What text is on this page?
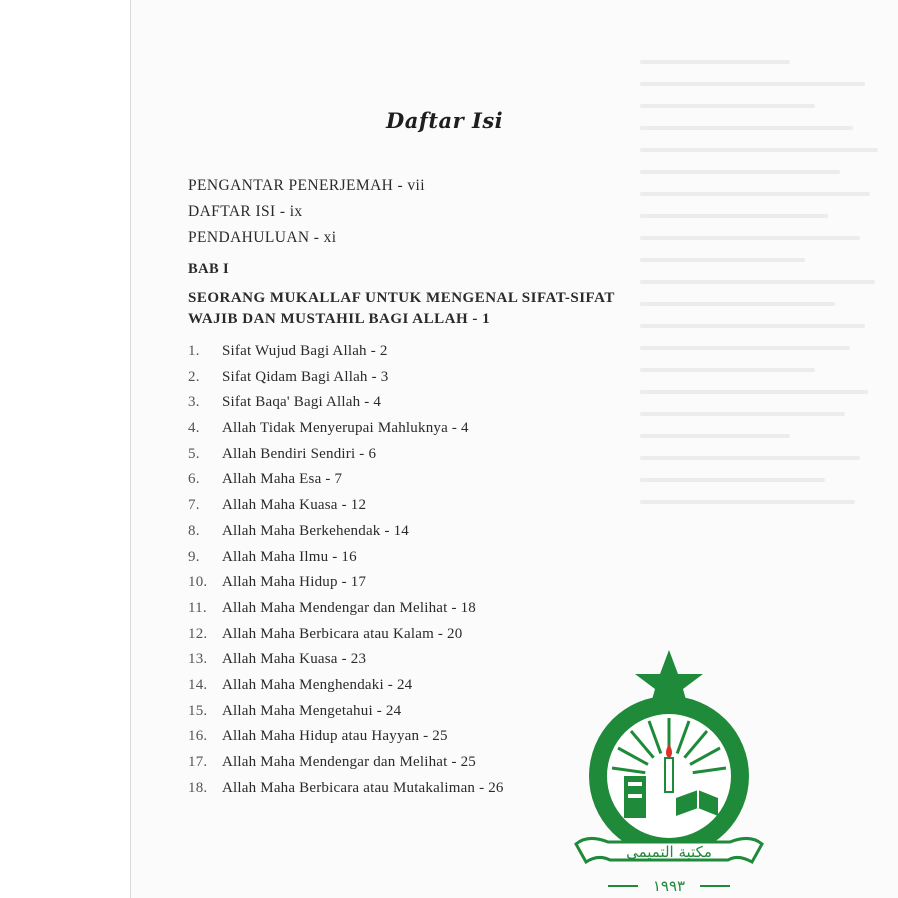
Daftar Isi
PENGANTAR PENERJEMAH - vii
DAFTAR ISI - ix
PENDAHULUAN - xi
BAB I
SEORANG MUKALLAF UNTUK MENGENAL SIFAT-SIFAT
WAJIB DAN MUSTAHIL BAGI ALLAH - 1
1.	Sifat Wujud Bagi Allah - 2
2.	Sifat Qidam Bagi Allah - 3
3.	Sifat Baqa' Bagi Allah - 4
4.	Allah Tidak Menyerupai Mahluknya - 4
5.	Allah Bendiri Sendiri - 6
6.	Allah Maha Esa - 7
7.	Allah Maha Kuasa - 12
8.	Allah Maha Berkehendak - 14
9.	Allah Maha Ilmu - 16
10. Allah Maha Hidup - 17
11.	Allah Maha Mendengar dan Melihat - 18
12. Allah Maha Berbicara atau Kalam - 20
13. Allah Maha Kuasa - 23
14. Allah Maha Menghendaki - 24
15. Allah Maha Mengetahui - 24
16. Allah Maha Hidup atau Hayyan - 25
17. Allah Maha Mendengar dan Melihat - 25
18. Allah Maha Berbicara atau Mutakaliman - 26
مكتبة التميمي
١٩٩٣
